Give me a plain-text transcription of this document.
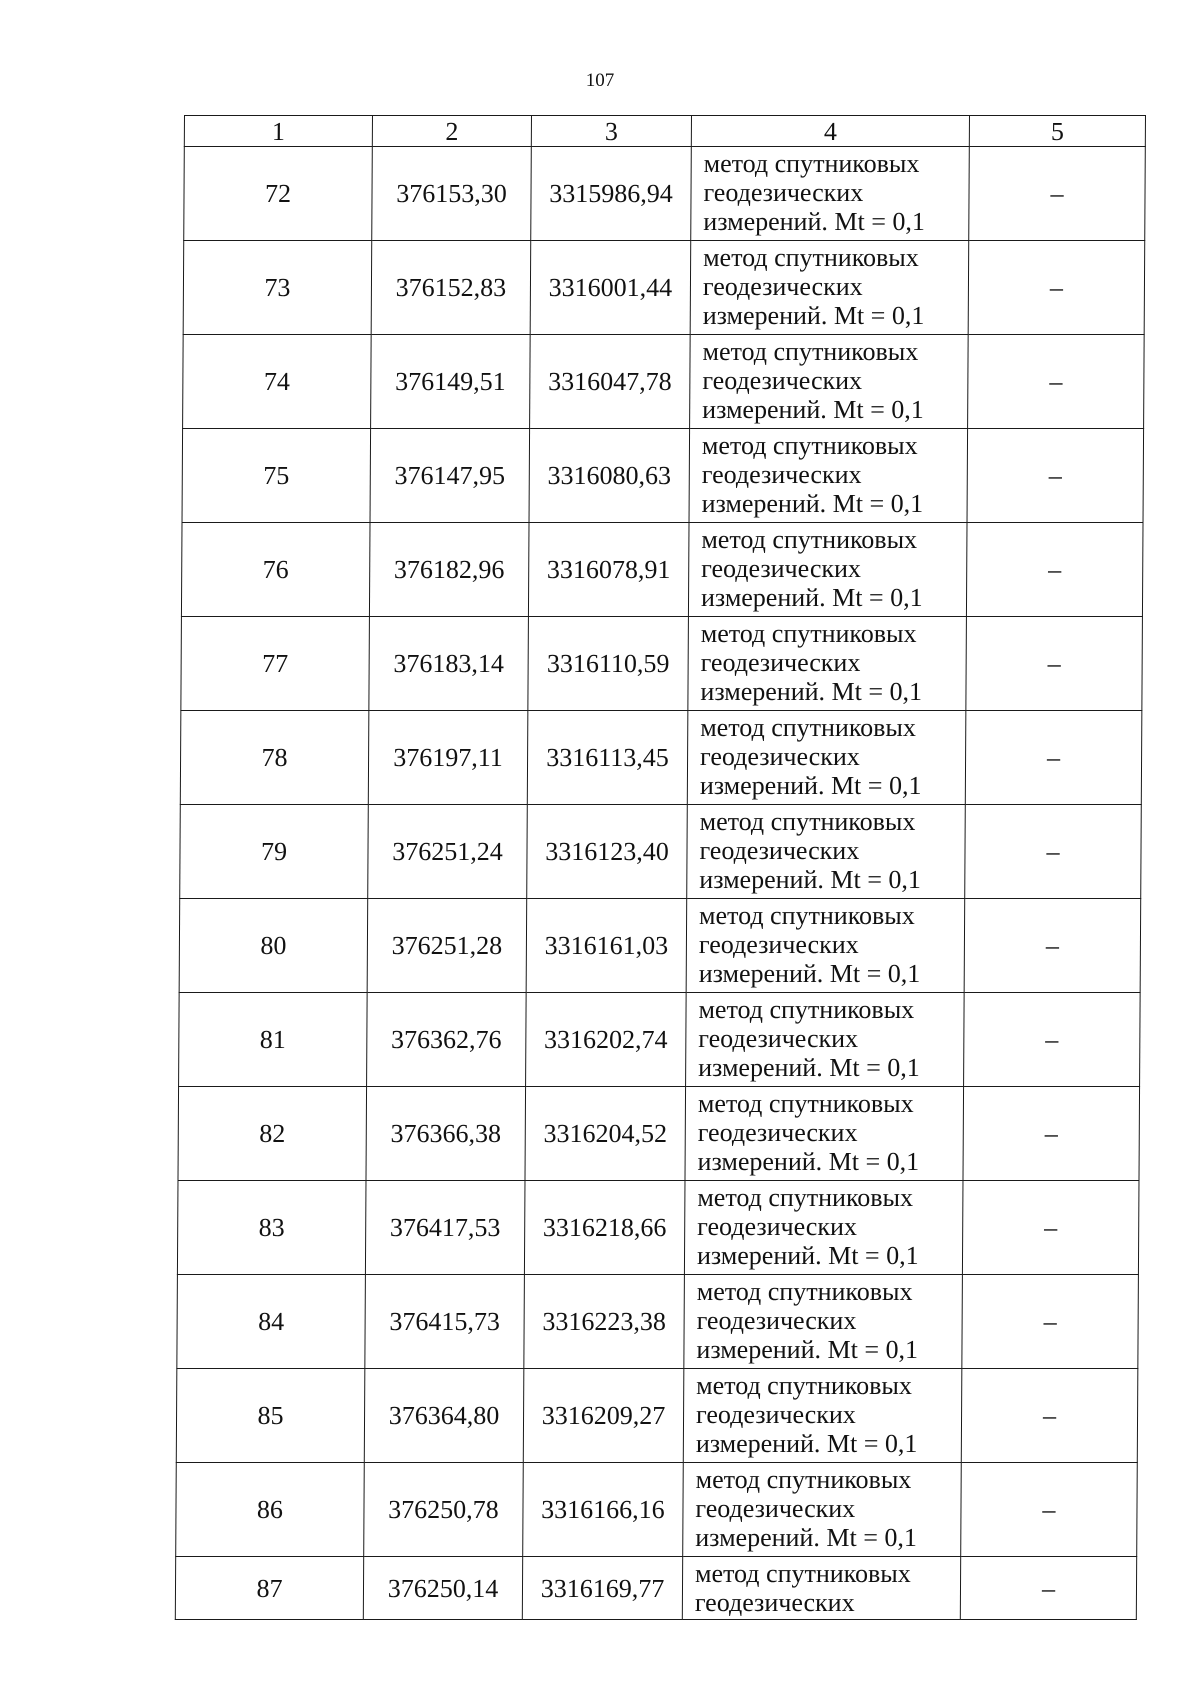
107
1	2	3	4	5
72	376153,30	3315986,94	метод спутниковых
геодезических
измерений. Mt = 0,1	–
73	376152,83	3316001,44	метод спутниковых
геодезических
измерений. Mt = 0,1	–
74	376149,51	3316047,78	метод спутниковых
геодезических
измерений. Mt = 0,1	–
75	376147,95	3316080,63	метод спутниковых
геодезических
измерений. Mt = 0,1	–
76	376182,96	3316078,91	метод спутниковых
геодезических
измерений. Mt = 0,1	–
77	376183,14	3316110,59	метод спутниковых
геодезических
измерений. Mt = 0,1	–
78	376197,11	3316113,45	метод спутниковых
геодезических
измерений. Mt = 0,1	–
79	376251,24	3316123,40	метод спутниковых
геодезических
измерений. Mt = 0,1	–
80	376251,28	3316161,03	метод спутниковых
геодезических
измерений. Mt = 0,1	–
81	376362,76	3316202,74	метод спутниковых
геодезических
измерений. Mt = 0,1	–
82	376366,38	3316204,52	метод спутниковых
геодезических
измерений. Mt = 0,1	–
83	376417,53	3316218,66	метод спутниковых
геодезических
измерений. Mt = 0,1	–
84	376415,73	3316223,38	метод спутниковых
геодезических
измерений. Mt = 0,1	–
85	376364,80	3316209,27	метод спутниковых
геодезических
измерений. Mt = 0,1	–
86	376250,78	3316166,16	метод спутниковых
геодезических
измерений. Mt = 0,1	–
87	376250,14	3316169,77	метод спутниковых
геодезических	–
